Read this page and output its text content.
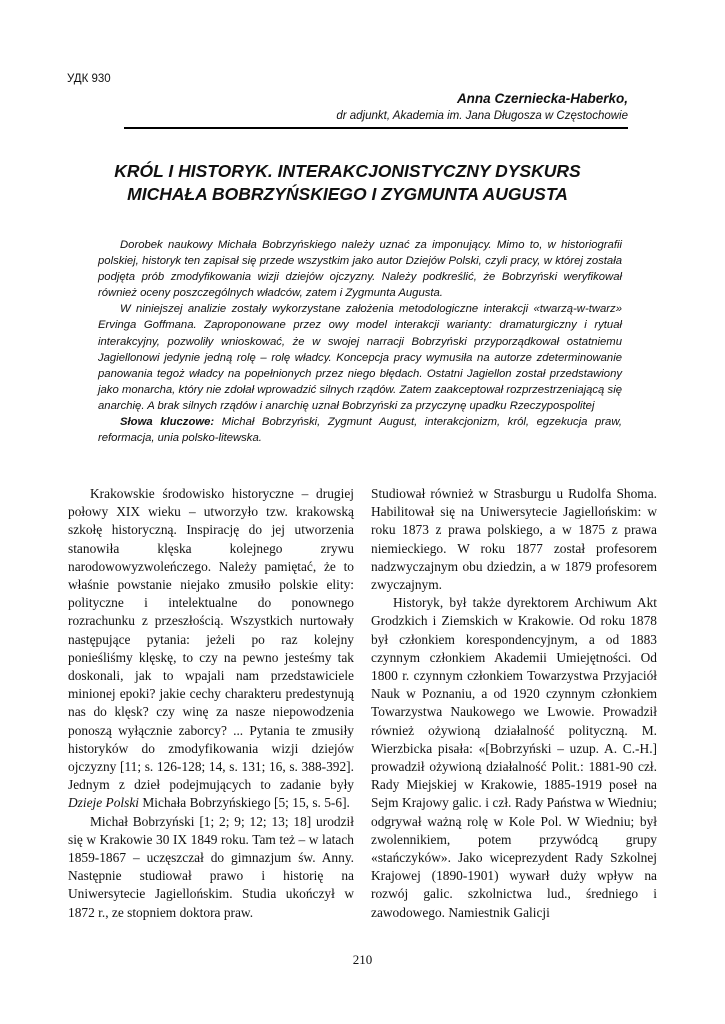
УДК 930
Anna Czerniecka-Haberko,
dr adjunkt, Akademia im. Jana Długosza w Częstochowie
KRÓL I HISTORYK. INTERAKCJONISTYCZNY DYSKURS
MICHAŁA BOBRZYŃSKIEGO I ZYGMUNTA AUGUSTA

Dorobek naukowy Michała Bobrzyńskiego należy uznać za imponujący. Mimo to, w historiografii polskiej, historyk ten zapisał się przede wszystkim jako autor Dziejów Polski, czyli pracy, w której została podjęta prób zmodyfikowania wizji dziejów ojczyzny. Należy podkreślić, że Bobrzyński weryfikował również oceny poszczególnych władców, zatem i Zygmunta Augusta.

W niniejszej analizie zostały wykorzystane założenia metodologiczne interakcji «twarzą-w-twarz» Ervinga Goffmana. Zaproponowane przez owy model interakcji warianty: dramaturgiczny i rytuał interakcyjny, pozwoliły wnioskować, że w swojej narracji Bobrzyński przyporządkował ostatniemu Jagiellonowi jedynie jedną rolę – rolę władcy. Koncepcja pracy wymusiła na autorze zdeterminowanie panowania tegoż władcy na popełnionych przez niego błędach. Ostatni Jagiellon został przedstawiony jako monarcha, który nie zdołał wprowadzić silnych rządów. Zatem zaakceptował rozprzestrzeniającą się anarchię. A brak silnych rządów i anarchię uznał Bobrzyński za przyczynę upadku Rzeczypospolitej

Słowa kluczowe: Michał Bobrzyński, Zygmunt August, interakcjonizm, król, egzekucja praw, reformacja, unia polsko-litewska.

Krakowskie środowisko historyczne – drugiej połowy XIX wieku – utworzyło tzw. krakowską szkołę historyczną. Inspirację do jej utworzenia stanowiła klęska kolejnego zrywu narodowowyzwoleńczego. Należy pamiętać, że to właśnie powstanie niejako zmusiło polskie elity: polityczne i intelektualne do ponownego rozrachunku z przeszłością. Wszystkich nurtowały następujące pytania: jeżeli po raz kolejny ponieśliśmy klęskę, to czy na pewno jesteśmy tak doskonali, jak to wpajali nam przedstawiciele minionej epoki? jakie cechy charakteru predestynują nas do klęsk? czy winę za nasze niepowodzenia ponoszą wyłącznie zaborcy? ... Pytania te zmusiły historyków do zmodyfikowania wizji dziejów ojczyzny [11; s. 126-128; 14, s. 131; 16, s. 388-392]. Jednym z dzieł podejmujących to zadanie były Dzieje Polski Michała Bobrzyńskiego [5; 15, s. 5-6].

Michał Bobrzyński [1; 2; 9; 12; 13; 18] urodził się w Krakowie 30 IX 1849 roku. Tam też – w latach 1859-1867 – uczęszczał do gimnazjum św. Anny. Następnie studiował prawo i historię na Uniwersytecie Jagiellońskim. Studia ukończył w 1872 r., ze stopniem doktora praw.

Studiował również w Strasburgu u Rudolfa Shoma. Habilitował się na Uniwersytecie Jagiellońskim: w roku 1873 z prawa polskiego, a w 1875 z prawa niemieckiego. W roku 1877 został profesorem nadzwyczajnym obu dziedzin, a w 1879 profesorem zwyczajnym.

Historyk, był także dyrektorem Archiwum Akt Grodzkich i Ziemskich w Krakowie. Od roku 1878 był członkiem korespondencyjnym, a od 1883 czynnym członkiem Akademii Umiejętności. Od 1800 r. czynnym członkiem Towarzystwa Przyjaciół Nauk w Poznaniu, a od 1920 czynnym członkiem Towarzystwa Naukowego we Lwowie. Prowadził również ożywioną działalność polityczną. M. Wierzbicka pisała: «[Bobrzyński – uzup. A. C.-H.] prowadził ożywioną działalność Polit.: 1881-90 czł. Rady Miejskiej w Krakowie, 1885-1919 poseł na Sejm Krajowy galic. i czł. Rady Państwa w Wiedniu; odgrywał ważną rolę w Kole Pol. W Wiedniu; był zwolennikiem, potem przywódcą grupy «stańczyków». Jako wiceprezydent Rady Szkolnej Krajowej (1890-1901) wywarł duży wpływ na rozwój galic. szkolnictwa lud., średniego i zawodowego. Namiestnik Galicji

210
